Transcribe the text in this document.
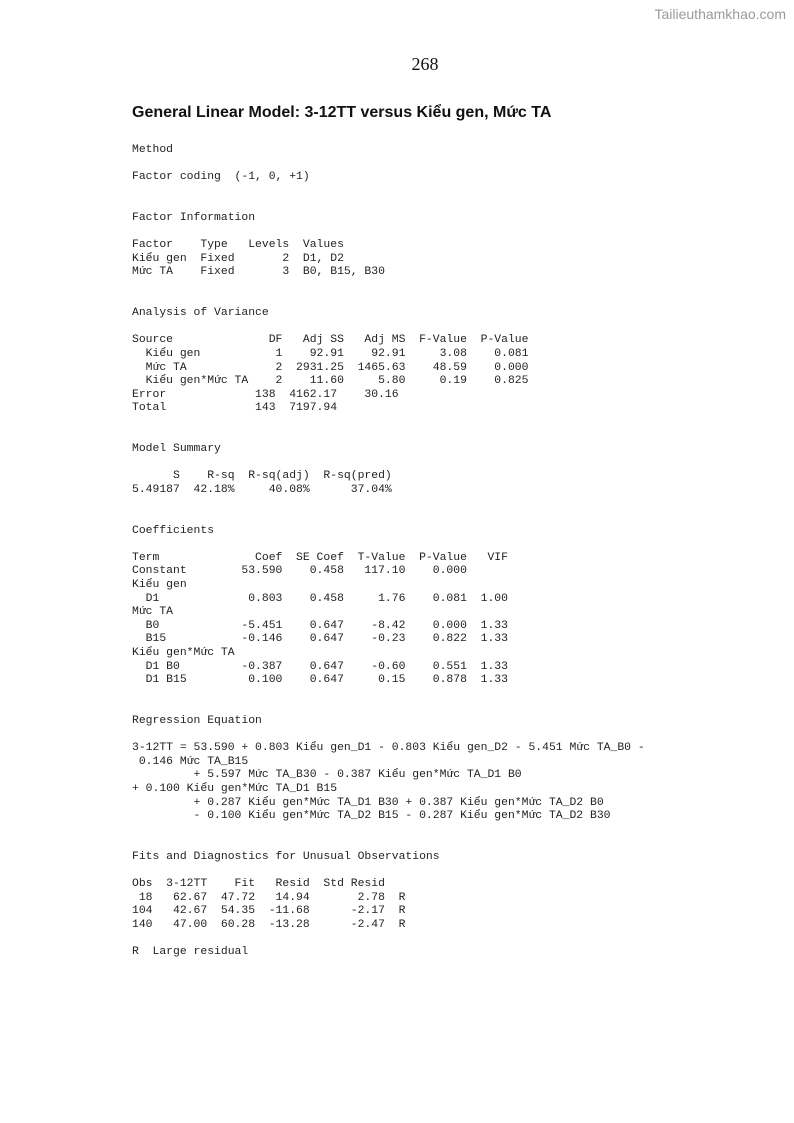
Tailieuthamkhao.com
268
General Linear Model: 3-12TT versus Kiểu gen, Mức TA
Method

Factor coding  (-1, 0, +1)

Factor Information

Factor    Type   Levels  Values
Kiểu gen  Fixed       2  D1, D2
Mức TA    Fixed       3  B0, B15, B30

Analysis of Variance

Source              DF   Adj SS   Adj MS  F-Value  P-Value
Kiểu gen           1    92.91    92.91     3.08    0.081
Mức TA             2  2931.25  1465.63    48.59    0.000
Kiểu gen*Mức TA    2    11.60     5.80     0.19    0.825
Error             138  4162.17    30.16
Total             143  7197.94

Model Summary

S    R-sq  R-sq(adj)  R-sq(pred)
5.49187  42.18%     40.08%      37.04%

Coefficients

Term              Coef  SE Coef  T-Value  P-Value   VIF
Constant        53.590    0.458   117.10    0.000
Kiểu gen
D1             0.803    0.458     1.76    0.081  1.00
Mức TA
B0            -5.451    0.647    -8.42    0.000  1.33
B15           -0.146    0.647    -0.23    0.822  1.33
Kiểu gen*Mức TA
D1 B0         -0.387    0.647    -0.60    0.551  1.33
D1 B15         0.100    0.647     0.15    0.878  1.33

Regression Equation

3-12TT = 53.590 + 0.803 Kiểu gen_D1 - 0.803 Kiểu gen_D2 - 5.451 Mức TA_B0 -
0.146 Mức TA_B15
+ 5.597 Mức TA_B30 - 0.387 Kiểu gen*Mức TA_D1 B0
+ 0.100 Kiểu gen*Mức TA_D1 B15
+ 0.287 Kiểu gen*Mức TA_D1 B30 + 0.387 Kiểu gen*Mức TA_D2 B0
- 0.100 Kiểu gen*Mức TA_D2 B15 - 0.287 Kiểu gen*Mức TA_D2 B30

Fits and Diagnostics for Unusual Observations

Obs  3-12TT    Fit   Resid  Std Resid
18   62.67  47.72   14.94       2.78  R
104   42.67  54.35  -11.68      -2.17  R
140   47.00  60.28  -13.28      -2.47  R

R  Large residual
